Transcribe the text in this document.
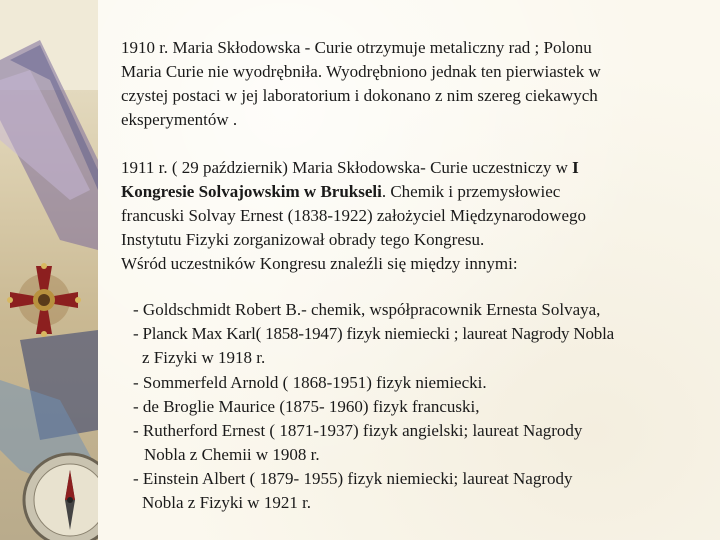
1910 r. Maria Skłodowska - Curie otrzymuje metaliczny rad ; Polonu

Maria Curie nie wyodrębniła. Wyodrębniono jednak ten pierwiastek w

czystej postaci w jej laboratorium i dokonano z nim szereg ciekawych

eksperymentów .

1911 r. ( 29 październik) Maria Skłodowska- Curie uczestniczy w I

Kongresie Solvajowskim w Brukseli. Chemik i przemysłowiec

francuski Solvay Ernest (1838-1922) założyciel Międzynarodowego

Instytutu Fizyki zorganizował obrady tego Kongresu.

Wśród uczestników Kongresu znaleźli się między innymi:

- Goldschmidt Robert B.- chemik, współpracownik Ernesta Solvaya,

- Planck Max Karl( 1858-1947) fizyk niemiecki ; laureat Nagrody Nobla

z Fizyki w 1918 r.

- Sommerfeld Arnold ( 1868-1951) fizyk niemiecki.

- de Broglie Maurice (1875- 1960) fizyk francuski,

- Rutherford Ernest ( 1871-1937) fizyk angielski; laureat Nagrody

Nobla z Chemii w 1908 r.

- Einstein Albert ( 1879- 1955) fizyk niemiecki; laureat Nagrody

Nobla z Fizyki w 1921 r.
